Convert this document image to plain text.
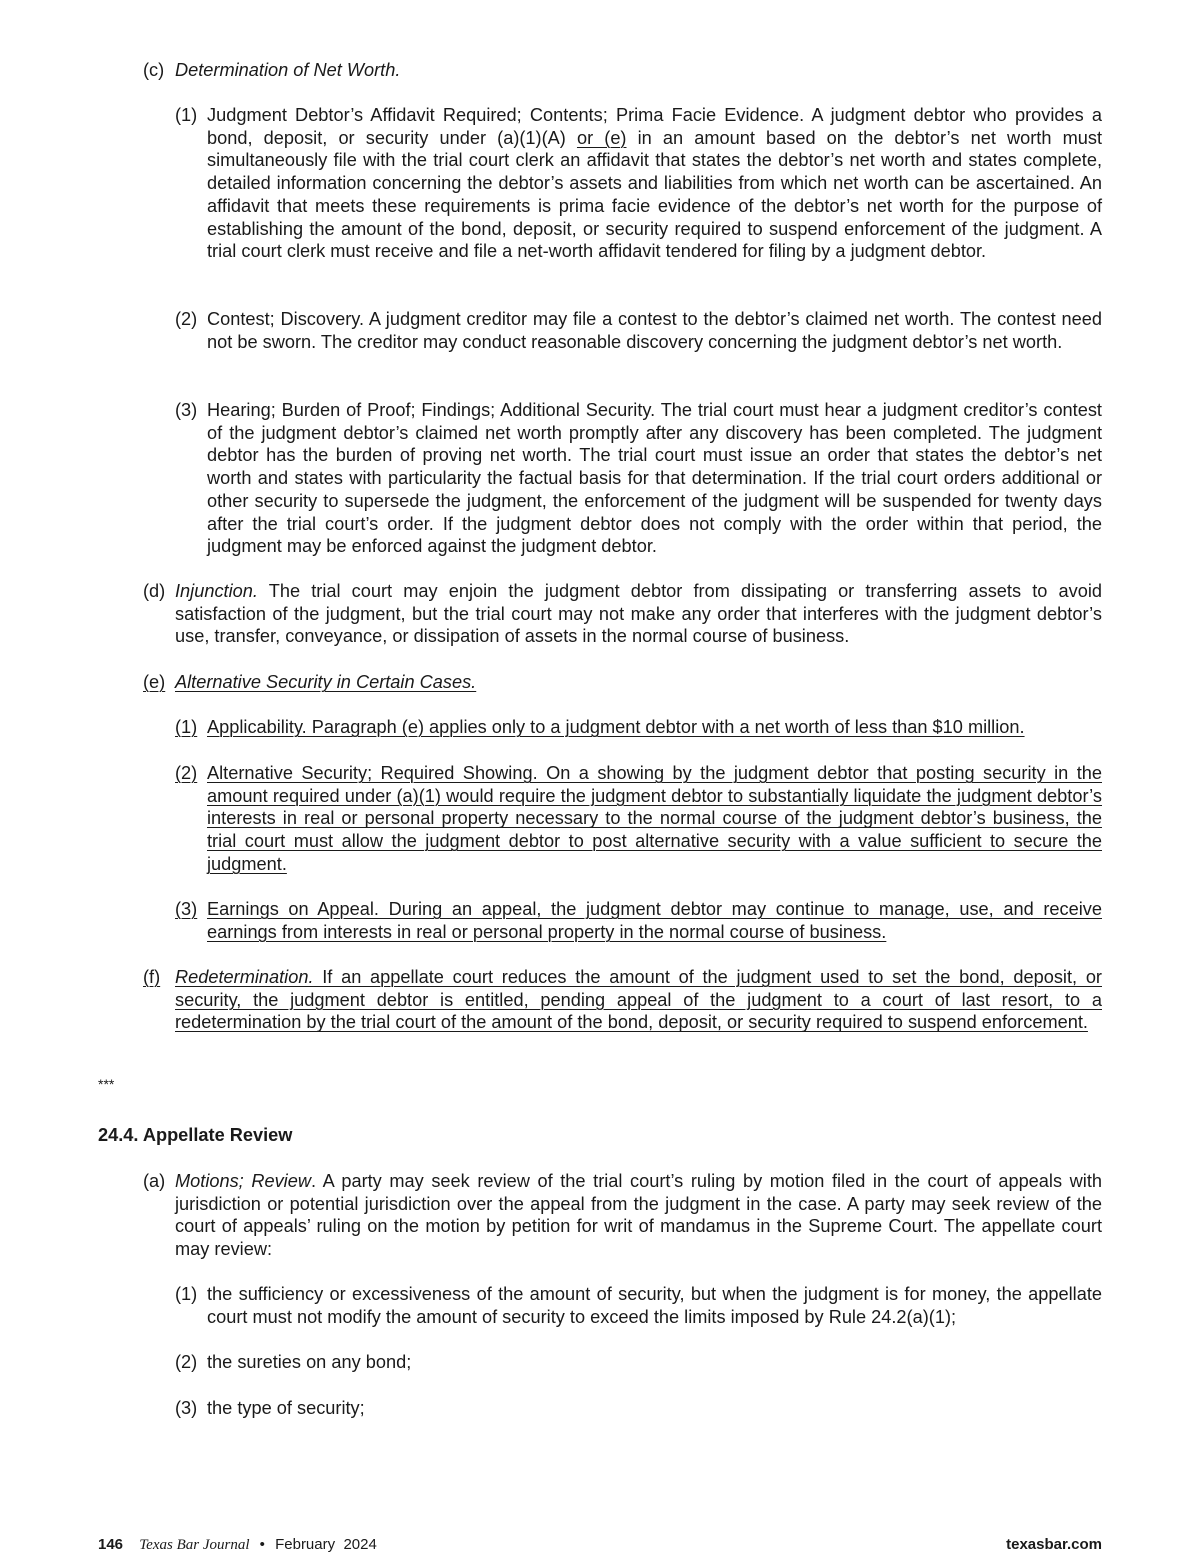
(c) Determination of Net Worth.
(1) Judgment Debtor’s Affidavit Required; Contents; Prima Facie Evidence. A judgment debtor who provides a bond, deposit, or security under (a)(1)(A) or (e) in an amount based on the debtor’s net worth must simultaneously file with the trial court clerk an affidavit that states the debtor’s net worth and states complete, detailed information concerning the debtor’s assets and liabilities from which net worth can be ascertained. An affidavit that meets these requirements is prima facie evidence of the debtor’s net worth for the purpose of establishing the amount of the bond, deposit, or security required to suspend enforcement of the judgment. A trial court clerk must receive and file a net-worth affidavit tendered for filing by a judgment debtor.
(2) Contest; Discovery. A judgment creditor may file a contest to the debtor’s claimed net worth. The contest need not be sworn. The creditor may conduct reasonable discovery concerning the judgment debtor’s net worth.
(3) Hearing; Burden of Proof; Findings; Additional Security. The trial court must hear a judgment creditor’s contest of the judgment debtor’s claimed net worth promptly after any discovery has been completed. The judgment debtor has the burden of proving net worth. The trial court must issue an order that states the debtor’s net worth and states with particularity the factual basis for that determination. If the trial court orders additional or other security to supersede the judgment, the enforcement of the judgment will be suspended for twenty days after the trial court’s order. If the judgment debtor does not comply with the order within that period, the judgment may be enforced against the judgment debtor.
(d) Injunction. The trial court may enjoin the judgment debtor from dissipating or transferring assets to avoid satisfaction of the judgment, but the trial court may not make any order that interferes with the judgment debtor’s use, transfer, conveyance, or dissipation of assets in the normal course of business.
(e) Alternative Security in Certain Cases.
(1) Applicability. Paragraph (e) applies only to a judgment debtor with a net worth of less than $10 million.
(2) Alternative Security; Required Showing. On a showing by the judgment debtor that posting security in the amount required under (a)(1) would require the judgment debtor to substantially liquidate the judgment debtor’s interests in real or personal property necessary to the normal course of the judgment debtor’s business, the trial court must allow the judgment debtor to post alternative security with a value sufficient to secure the judgment.
(3) Earnings on Appeal. During an appeal, the judgment debtor may continue to manage, use, and receive earnings from interests in real or personal property in the normal course of business.
(f) Redetermination. If an appellate court reduces the amount of the judgment used to set the bond, deposit, or security, the judgment debtor is entitled, pending appeal of the judgment to a court of last resort, to a redetermination by the trial court of the amount of the bond, deposit, or security required to suspend enforcement.
***
24.4. Appellate Review
(a) Motions; Review. A party may seek review of the trial court’s ruling by motion filed in the court of appeals with jurisdiction or potential jurisdiction over the appeal from the judgment in the case. A party may seek review of the court of appeals’ ruling on the motion by petition for writ of mandamus in the Supreme Court. The appellate court may review:
(1) the sufficiency or excessiveness of the amount of security, but when the judgment is for money, the appellate court must not modify the amount of security to exceed the limits imposed by Rule 24.2(a)(1);
(2) the sureties on any bond;
(3) the type of security;
146 Texas Bar Journal • February  2024	texasbar.com
